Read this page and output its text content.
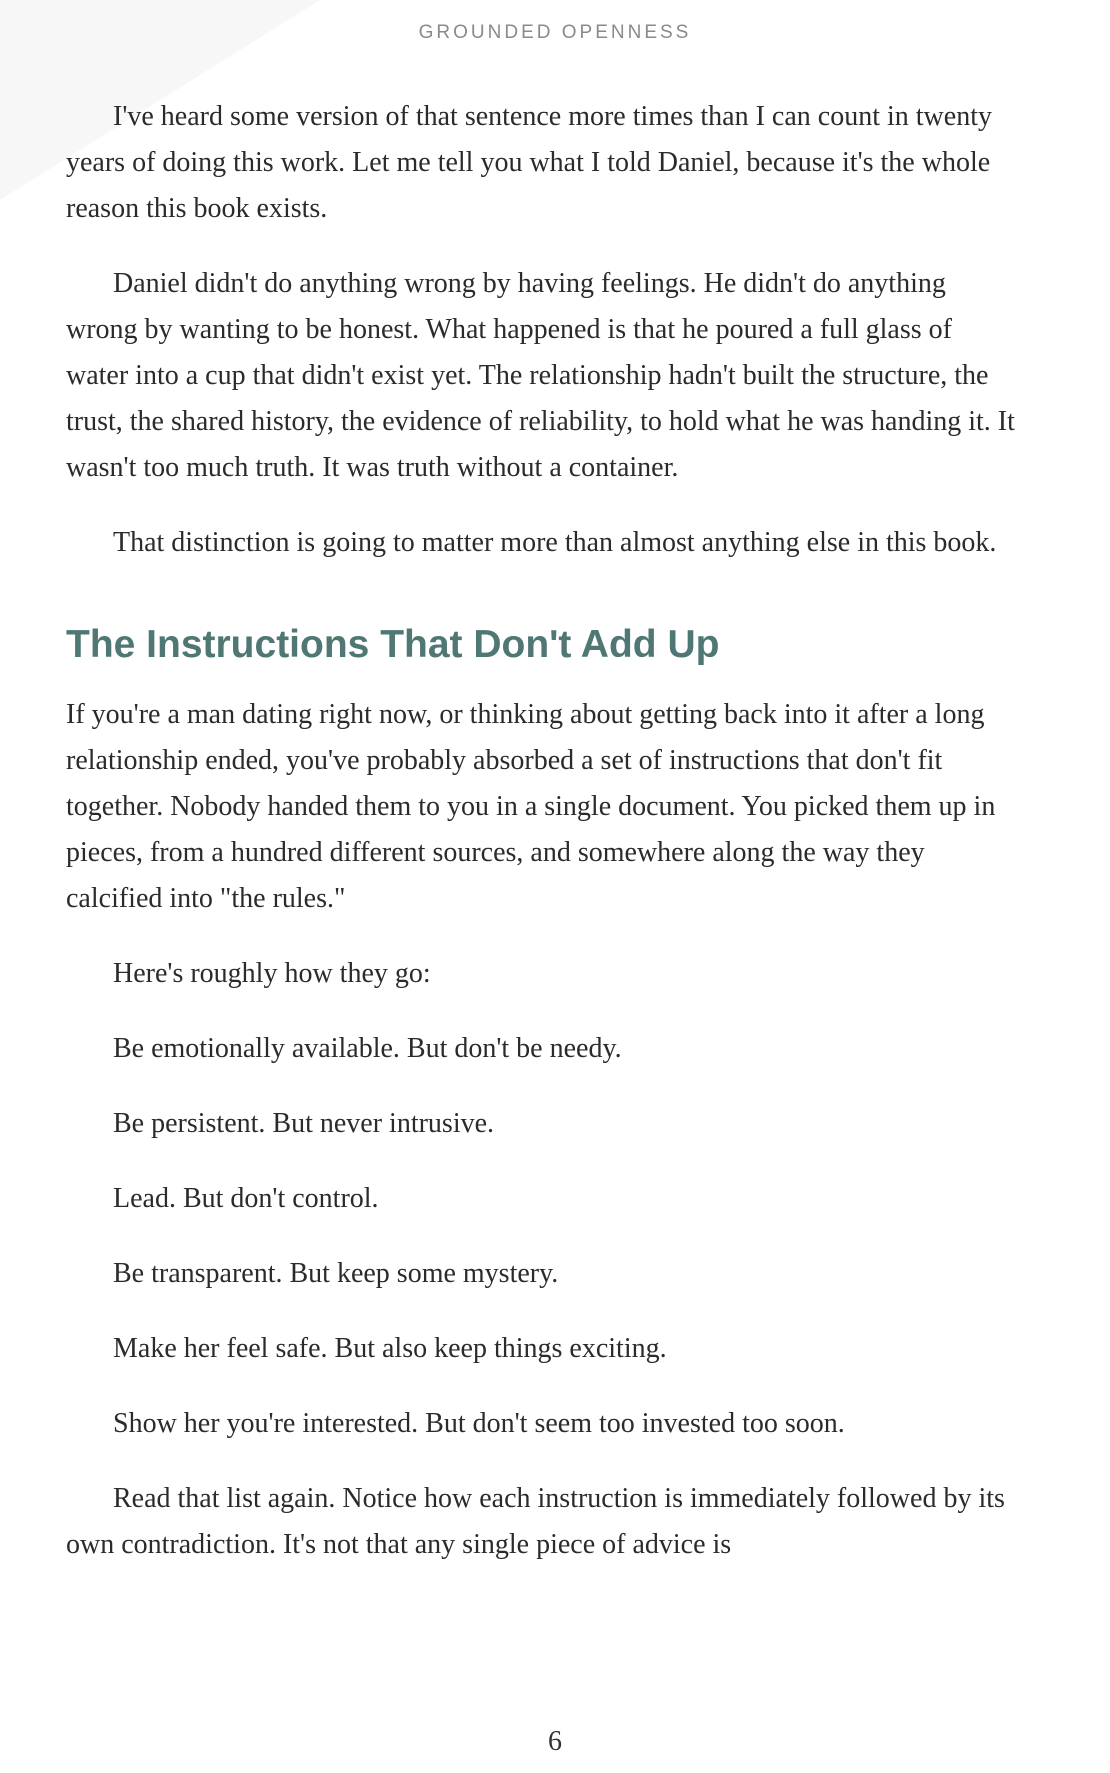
GROUNDED OPENNESS

I've heard some version of that sentence more times than I can count in twenty years of doing this work. Let me tell you what I told Daniel, because it's the whole reason this book exists.

Daniel didn't do anything wrong by having feelings. He didn't do anything wrong by wanting to be honest. What happened is that he poured a full glass of water into a cup that didn't exist yet. The relationship hadn't built the structure, the trust, the shared history, the evidence of reliability, to hold what he was handing it. It wasn't too much truth. It was truth without a container.

That distinction is going to matter more than almost anything else in this book.

The Instructions That Don't Add Up

If you're a man dating right now, or thinking about getting back into it after a long relationship ended, you've probably absorbed a set of instructions that don't fit together. Nobody handed them to you in a single document. You picked them up in pieces, from a hundred different sources, and somewhere along the way they calcified into "the rules."

Here's roughly how they go:

Be emotionally available. But don't be needy.

Be persistent. But never intrusive.

Lead. But don't control.

Be transparent. But keep some mystery.

Make her feel safe. But also keep things exciting.

Show her you're interested. But don't seem too invested too soon.

Read that list again. Notice how each instruction is immediately followed by its own contradiction. It's not that any single piece of advice is

6
